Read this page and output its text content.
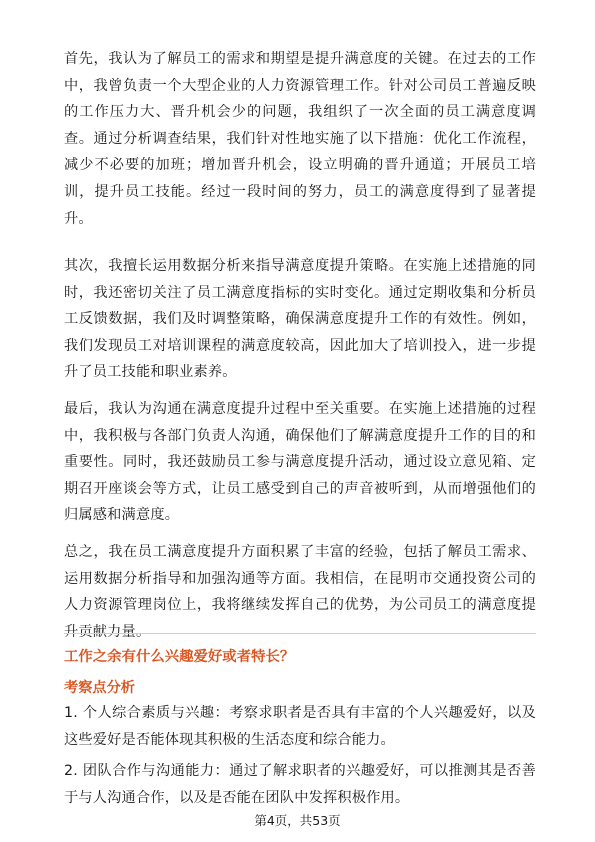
首先，我认为了解员工的需求和期望是提升满意度的关键。在过去的工作中，我曾负责一个大型企业的人力资源管理工作。针对公司员工普遍反映的工作压力大、晋升机会少的问题，我组织了一次全面的员工满意度调查。通过分析调查结果，我们针对性地实施了以下措施：优化工作流程，减少不必要的加班；增加晋升机会，设立明确的晋升通道；开展员工培训，提升员工技能。经过一段时间的努力，员工的满意度得到了显著提升。

其次，我擅长运用数据分析来指导满意度提升策略。在实施上述措施的同时，我还密切关注了员工满意度指标的实时变化。通过定期收集和分析员工反馈数据，我们及时调整策略，确保满意度提升工作的有效性。例如，我们发现员工对培训课程的满意度较高，因此加大了培训投入，进一步提升了员工技能和职业素养。

最后，我认为沟通在满意度提升过程中至关重要。在实施上述措施的过程中，我积极与各部门负责人沟通，确保他们了解满意度提升工作的目的和重要性。同时，我还鼓励员工参与满意度提升活动，通过设立意见箱、定期召开座谈会等方式，让员工感受到自己的声音被听到，从而增强他们的归属感和满意度。

总之，我在员工满意度提升方面积累了丰富的经验，包括了解员工需求、运用数据分析指导和加强沟通等方面。我相信，在昆明市交通投资公司的人力资源管理岗位上，我将继续发挥自己的优势，为公司员工的满意度提升贡献力量。

工作之余有什么兴趣爱好或者特长？

考察点分析

1. 个人综合素质与兴趣：考察求职者是否具有丰富的个人兴趣爱好，以及这些爱好是否能体现其积极的生活态度和综合能力。

2. 团队合作与沟通能力：通过了解求职者的兴趣爱好，可以推测其是否善于与人沟通合作，以及是否能在团队中发挥积极作用。

第4页，共53页
